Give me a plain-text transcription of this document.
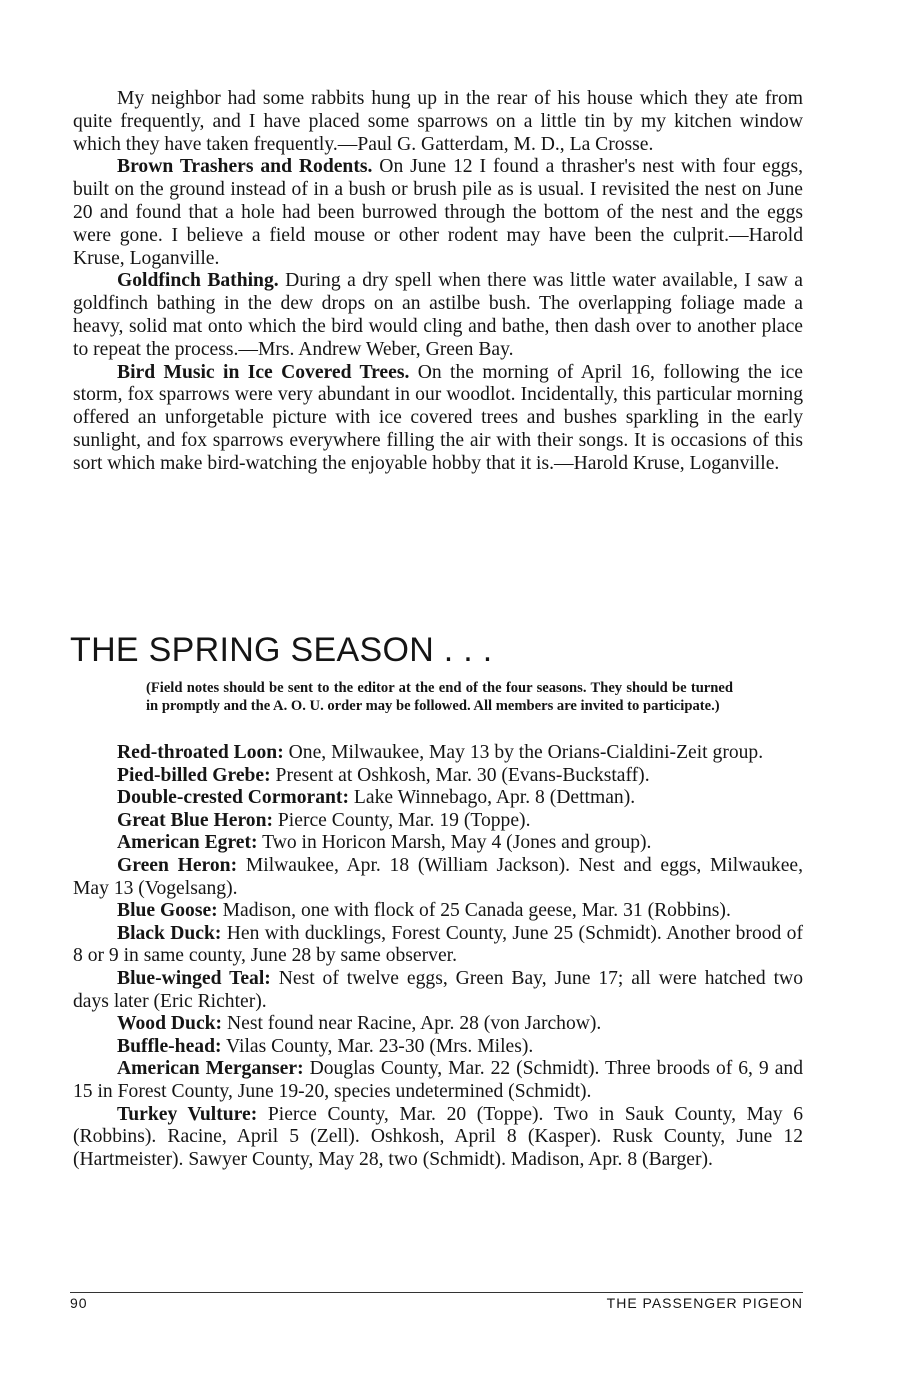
My neighbor had some rabbits hung up in the rear of his house which they ate from quite frequently, and I have placed some sparrows on a little tin by my kitchen window which they have taken frequently.—Paul G. Gatterdam, M. D., La Crosse.

Brown Trashers and Rodents. On June 12 I found a thrasher's nest with four eggs, built on the ground instead of in a bush or brush pile as is usual. I revisited the nest on June 20 and found that a hole had been burrowed through the bottom of the nest and the eggs were gone. I believe a field mouse or other rodent may have been the culprit.—Harold Kruse, Loganville.

Goldfinch Bathing. During a dry spell when there was little water available, I saw a goldfinch bathing in the dew drops on an astilbe bush. The overlapping foliage made a heavy, solid mat onto which the bird would cling and bathe, then dash over to another place to repeat the process.—Mrs. Andrew Weber, Green Bay.

Bird Music in Ice Covered Trees. On the morning of April 16, following the ice storm, fox sparrows were very abundant in our woodlot. Incidentally, this particular morning offered an unforgetable picture with ice covered trees and bushes sparkling in the early sunlight, and fox sparrows everywhere filling the air with their songs. It is occasions of this sort which make bird-watching the enjoyable hobby that it is.—Harold Kruse, Loganville.

THE SPRING SEASON . . .

(Field notes should be sent to the editor at the end of the four seasons. They should be turned in promptly and the A. O. U. order may be followed. All members are invited to participate.)

Red-throated Loon: One, Milwaukee, May 13 by the Orians-Cialdini-Zeit group.

Pied-billed Grebe: Present at Oshkosh, Mar. 30 (Evans-Buckstaff).

Double-crested Cormorant: Lake Winnebago, Apr. 8 (Dettman).

Great Blue Heron: Pierce County, Mar. 19 (Toppe).

American Egret: Two in Horicon Marsh, May 4 (Jones and group).

Green Heron: Milwaukee, Apr. 18 (William Jackson). Nest and eggs, Milwaukee, May 13 (Vogelsang).

Blue Goose: Madison, one with flock of 25 Canada geese, Mar. 31 (Robbins).

Black Duck: Hen with ducklings, Forest County, June 25 (Schmidt). Another brood of 8 or 9 in same county, June 28 by same observer.

Blue-winged Teal: Nest of twelve eggs, Green Bay, June 17; all were hatched two days later (Eric Richter).

Wood Duck: Nest found near Racine, Apr. 28 (von Jarchow).

Buffle-head: Vilas County, Mar. 23-30 (Mrs. Miles).

American Merganser: Douglas County, Mar. 22 (Schmidt). Three broods of 6, 9 and 15 in Forest County, June 19-20, species undetermined (Schmidt).

Turkey Vulture: Pierce County, Mar. 20 (Toppe). Two in Sauk County, May 6 (Robbins). Racine, April 5 (Zell). Oshkosh, April 8 (Kasper). Rusk County, June 12 (Hartmeister). Sawyer County, May 28, two (Schmidt). Madison, Apr. 8 (Barger).

90	THE PASSENGER PIGEON
